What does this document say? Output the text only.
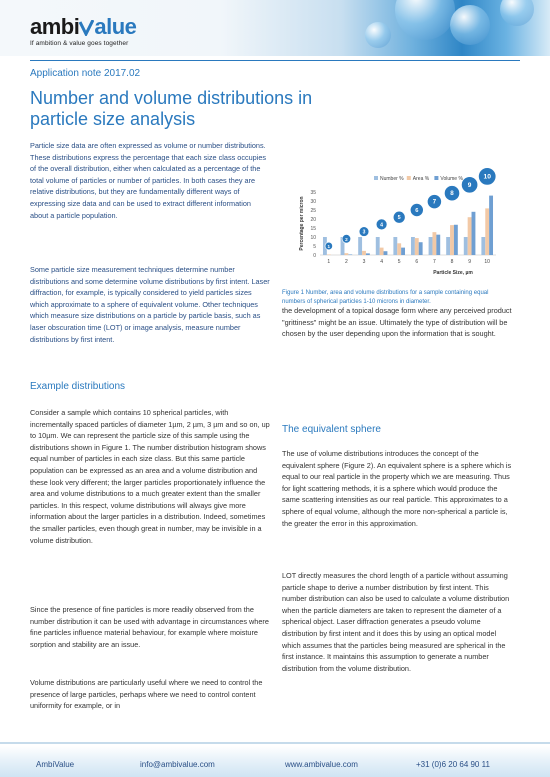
ambi alue
If ambition & value goes together
Application note 2017.02
Number and volume distributions in particle size analysis
Particle size data are often expressed as volume or number distributions. These distributions express the percentage that each size class occupies of the overall distribution, either when calculated as a percentage of the total volume of particles or number of particles. In both cases they are relative distributions, but they are fundamentally different ways of expressing size data and can be used to extract different information about a particle population.
Some particle size measurement techniques determine number distributions and some determine volume distributions by first intent. Laser diffraction, for example, is typically considered to yield particles sizes which approximate to a sphere of equivalent volume. Other techniques which measure size distributions on a particle by particle basis, such as laser obscuration time (LOT) or image analysis, measure number distributions by first intent.
Example distributions
Consider a sample which contains 10 spherical particles, with incrementally spaced particles of diameter 1µm, 2 µm, 3 µm and so on, up to 10µm. We can represent the particle size of this sample using the distributions shown in Figure 1. The number distribution histogram shows equal number of particles in each size class. But this same particle population can be expressed as an area and a volume distribution and these look very different; the larger particles proportionately influence the area and volume distributions to a much greater extent than the smaller particles. In this respect, volume distributions will always give more information about the larger particles in a distribution. Indeed, sometimes the smaller particles, even though great in number, may be invisible in a volume distribution.
Since the presence of fine particles is more readily observed from the number distribution it can be used with advantage in circumstances where fine particles influence material behaviour, for example where moisture sorption and stability are an issue.
Volume distributions are particularly useful where we need to control the presence of large particles, perhaps where we need to control content uniformity for example, or in
0
5
10
15
20
25
30
35
1	2	3	4	5	6	7	8	9	10
1
2
3
4
5
6
7
8
9
10
Number % Area % Volume %
Percentage per micron
Particle Size, µm
Figure 1 Number, area and volume distributions for a sample containing equal numbers of spherical particles 1-10 microns in diameter.
the development of a topical dosage form where any perceived product "grittiness" might be an issue. Ultimately the type of distribution will be chosen by the user depending upon the information that is sought.
The equivalent sphere
The use of volume distributions introduces the concept of the equivalent sphere (Figure 2). An equivalent sphere is a sphere which is equal to our real particle in the property which we are measuring. Thus for light scattering methods, it is a sphere which would produce the same scattering intensities as our real particle. This approximates to a sphere of equal volume, although the more non-spherical a particle is, the greater the error in this approximation.
LOT directly measures the chord length of a particle without assuming particle shape to derive a number distribution by first intent. This number distribution can also be used to calculate a volume distribution when the particle diameters are taken to represent the diameter of a spherical object. Laser diffraction generates a pseudo volume distribution by first intent and it does this by using an optical model which assumes that the particles being measured are spherical in the first instance. It maintains this assumption to generate a number distribution from the volume distribution.
AmbiValue	info@ambivalue.com	www.ambivalue.com	+31 (0)6 20 64 90 11
